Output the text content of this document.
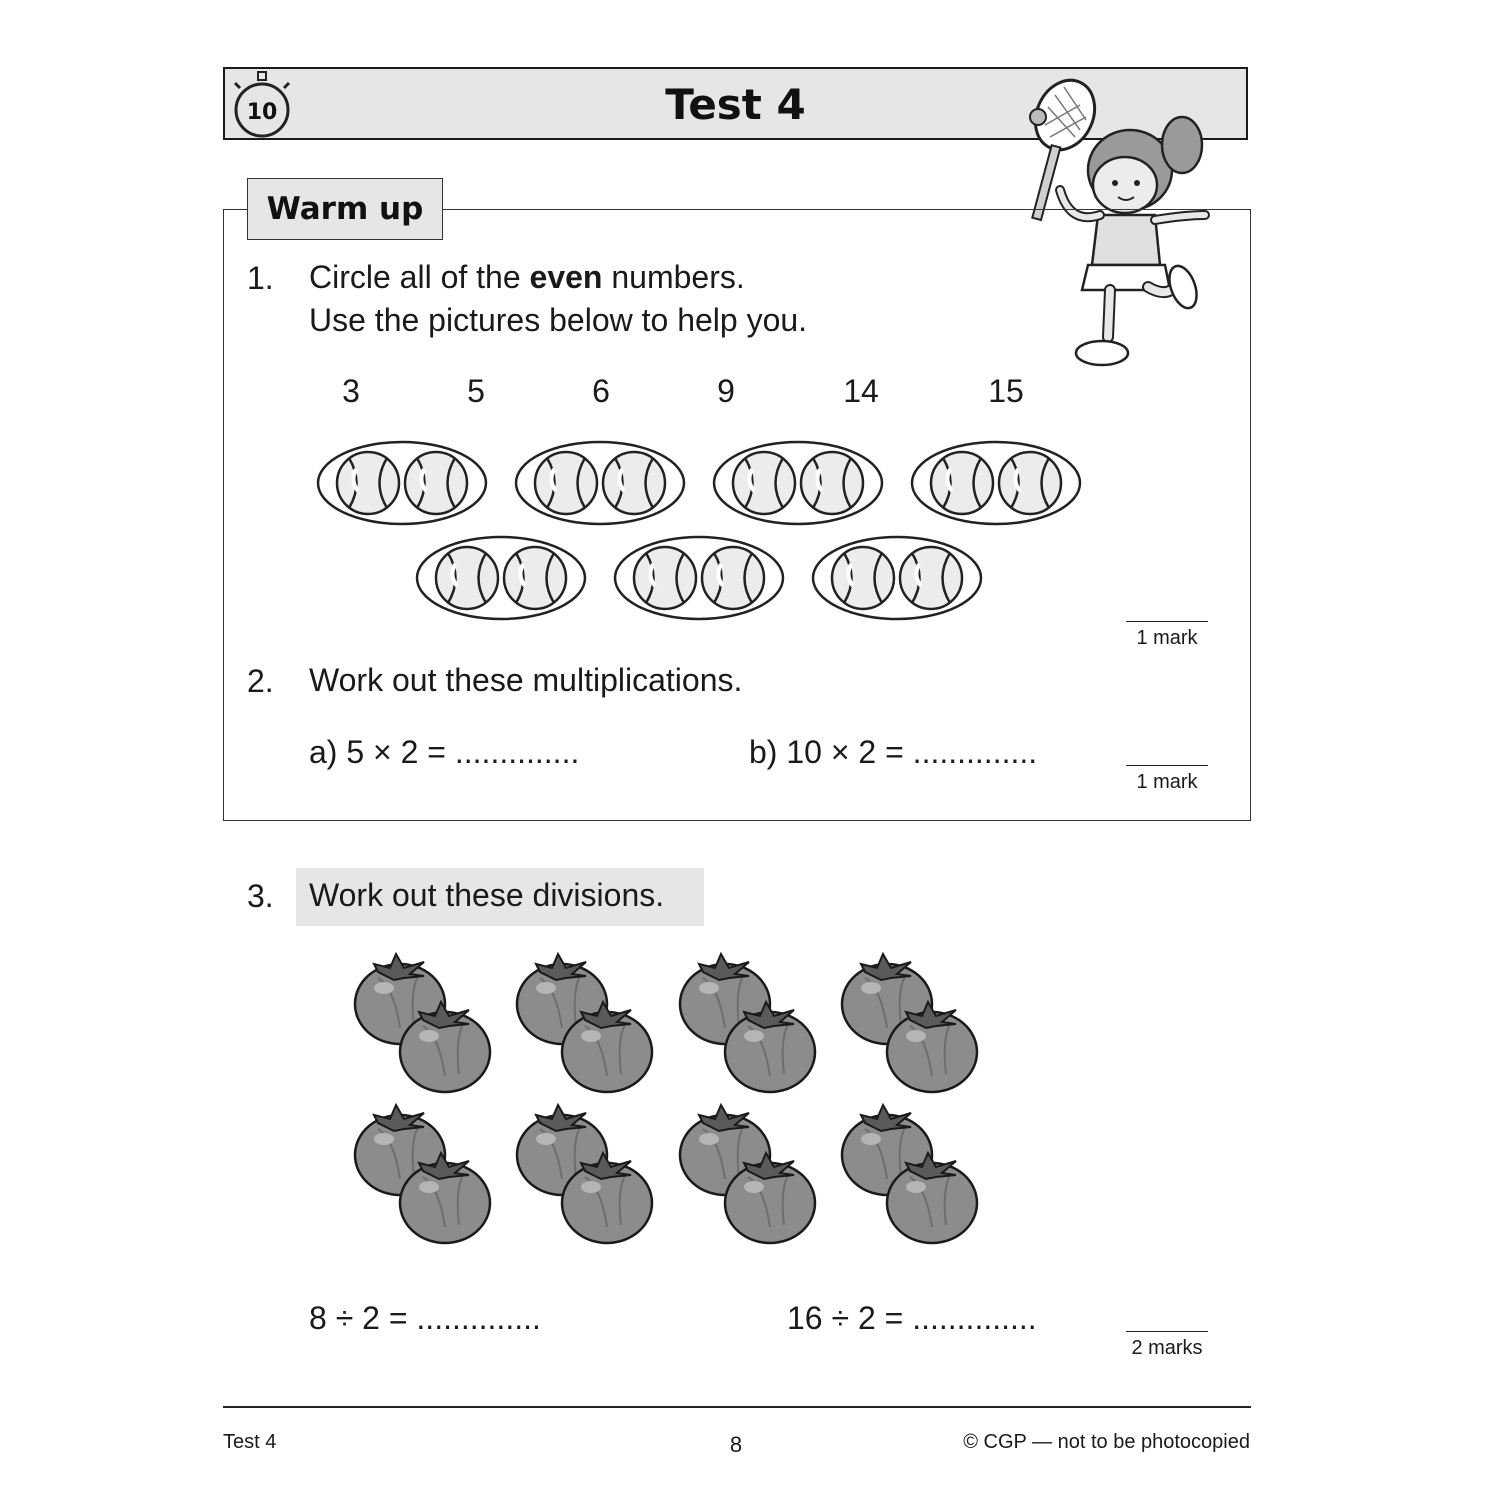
10	Test 4
Warm up
1. Circle all of the even numbers.
Use the pictures below to help you.
3	5	6	9	14	15
1 mark
2. Work out these multiplications.
a) 5 × 2 = ..............	b) 10 × 2 = ..............
1 mark
3. Work out these divisions.
8 ÷ 2 = ..............	16 ÷ 2 = ..............
2 marks
Test 4	8	© CGP — not to be photocopied
